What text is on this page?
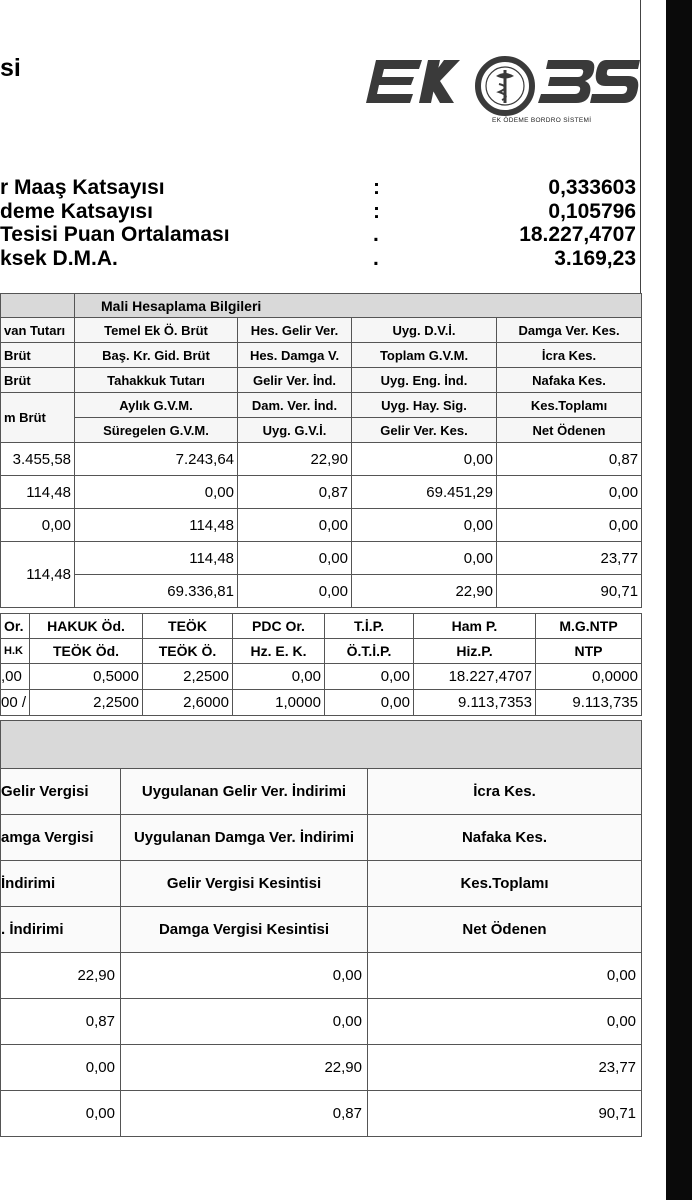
si
EK ÖDEME BORDRO SİSTEMİ
r Maaş Katsayısı	:	0,333603
deme Katsayısı	:	0,105796
Tesisi Puan Ortalaması	.	18.227,4707
ksek D.M.A.	.	3.169,23
	Mali Hesaplama Bilgileri			
van Tutarı	Temel Ek Ö. Brüt	Hes. Gelir Ver.	Uyg. D.V.İ.	Damga Ver. Kes.
Brüt	Baş. Kr. Gid. Brüt	Hes. Damga V.	Toplam G.V.M.	İcra Kes.
Brüt	Tahakkuk Tutarı	Gelir Ver. İnd.	Uyg. Eng. İnd.	Nafaka Kes.
m Brüt	Aylık G.V.M.	Dam. Ver. İnd.	Uyg. Hay. Sig.	Kes.Toplamı
	Süregelen G.V.M.	Uyg. G.V.İ.	Gelir Ver. Kes.	Net Ödenen
3.455,58	7.243,64	22,90	0,00	0,87
114,48	0,00	0,87	69.451,29	0,00
0,00	114,48	0,00	0,00	0,00
114,48	114,48	0,00	0,00	23,77
	69.336,81	0,00	22,90	90,71
Or.	HAKUK Öd.	TEÖK	PDC Or.	T.İ.P.	Ham P.	M.G.NTP
H.K	TEÖK Öd.	TEÖK Ö.	Hz. E. K.	Ö.T.İ.P.	Hiz.P.	NTP
,00	0,5000	2,2500	0,00	0,00	18.227,4707	0,0000
00 /	2,2500	2,6000	1,0000	0,00	9.113,7353	9.113,735

Gelir Vergisi	Uygulanan Gelir Ver. İndirimi	İcra Kes.
amga Vergisi	Uygulanan Damga Ver. İndirimi	Nafaka Kes.
İndirimi	Gelir Vergisi Kesintisi	Kes.Toplamı
. İndirimi	Damga Vergisi Kesintisi	Net Ödenen
22,90	0,00	0,00
0,87	0,00	0,00
0,00	22,90	23,77
0,00	0,87	90,71
